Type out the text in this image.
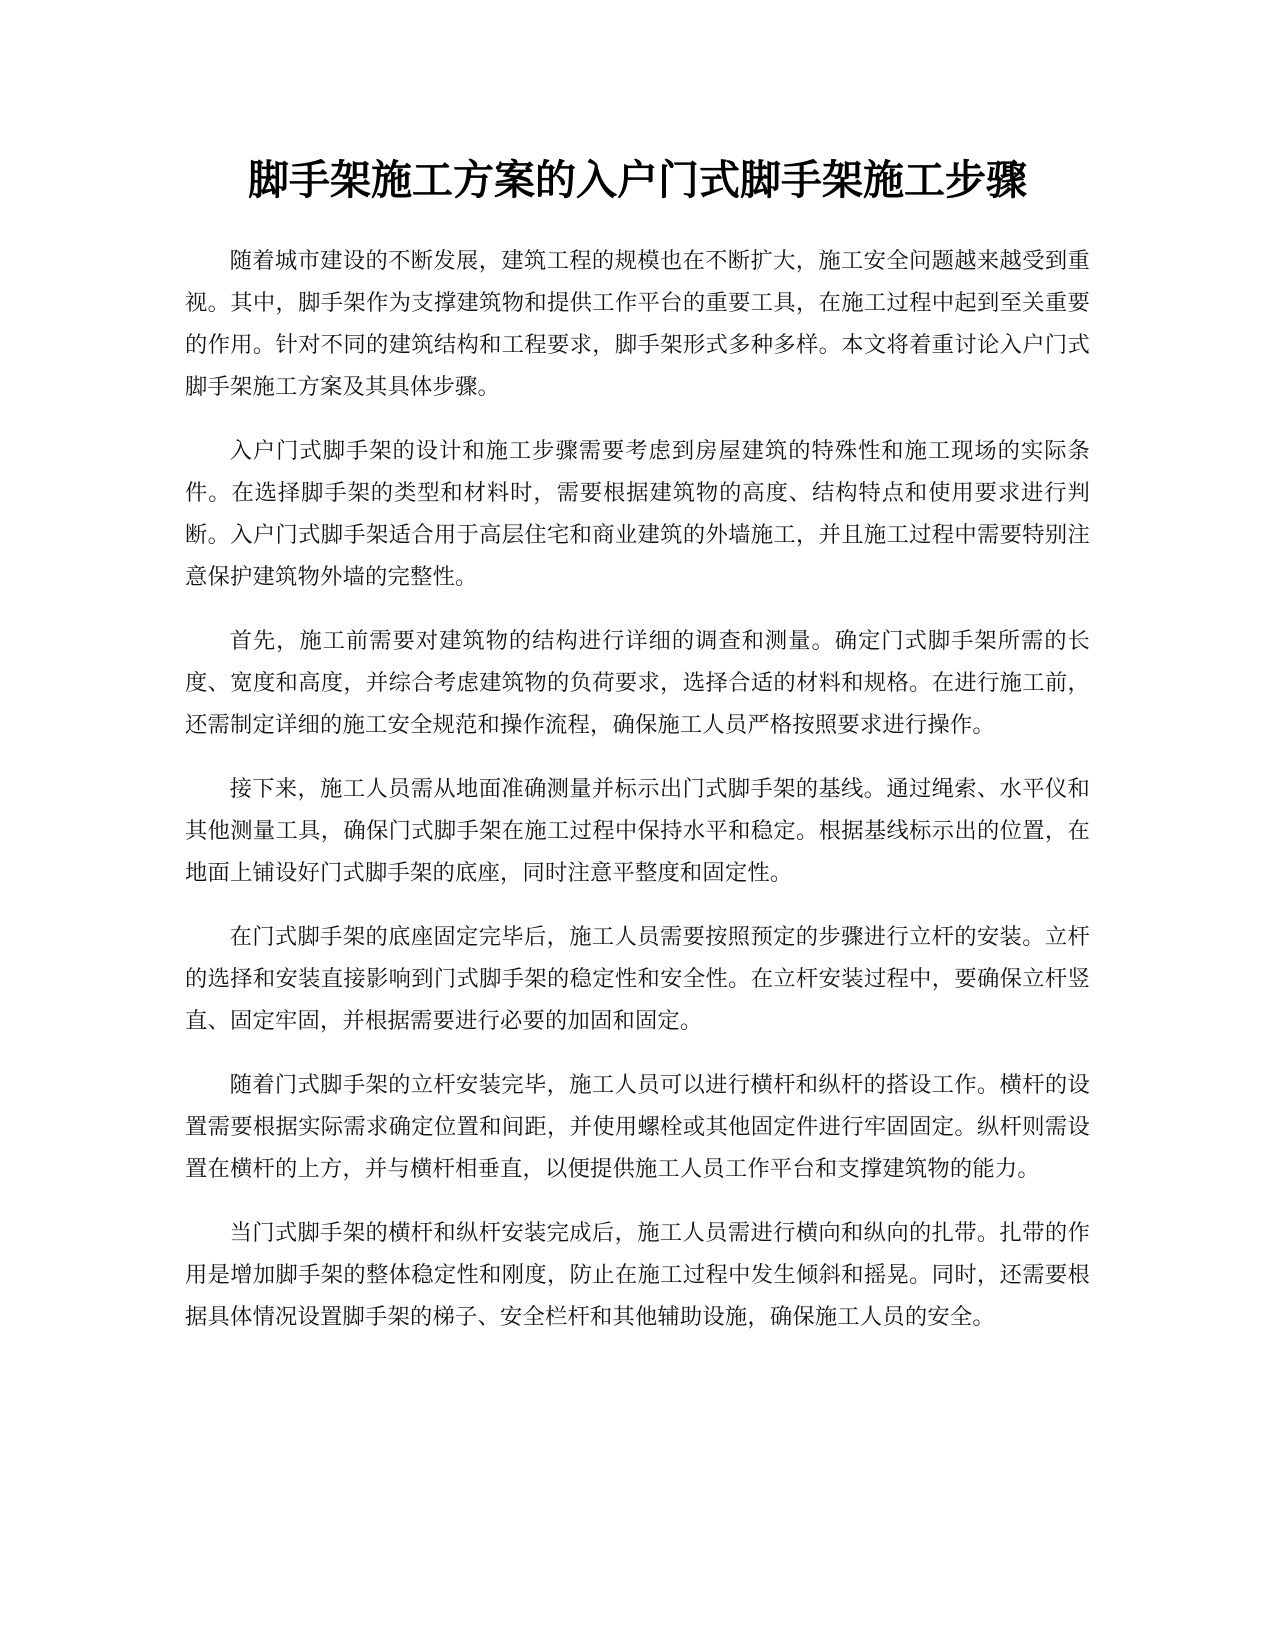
脚手架施工方案的入户门式脚手架施工步骤

随着城市建设的不断发展，建筑工程的规模也在不断扩大，施工安全问题越来越受到重视。其中，脚手架作为支撑建筑物和提供工作平台的重要工具，在施工过程中起到至关重要的作用。针对不同的建筑结构和工程要求，脚手架形式多种多样。本文将着重讨论入户门式脚手架施工方案及其具体步骤。

入户门式脚手架的设计和施工步骤需要考虑到房屋建筑的特殊性和施工现场的实际条件。在选择脚手架的类型和材料时，需要根据建筑物的高度、结构特点和使用要求进行判断。入户门式脚手架适合用于高层住宅和商业建筑的外墙施工，并且施工过程中需要特别注意保护建筑物外墙的完整性。

首先，施工前需要对建筑物的结构进行详细的调查和测量。确定门式脚手架所需的长度、宽度和高度，并综合考虑建筑物的负荷要求，选择合适的材料和规格。在进行施工前，还需制定详细的施工安全规范和操作流程，确保施工人员严格按照要求进行操作。

接下来，施工人员需从地面准确测量并标示出门式脚手架的基线。通过绳索、水平仪和其他测量工具，确保门式脚手架在施工过程中保持水平和稳定。根据基线标示出的位置，在地面上铺设好门式脚手架的底座，同时注意平整度和固定性。

在门式脚手架的底座固定完毕后，施工人员需要按照预定的步骤进行立杆的安装。立杆的选择和安装直接影响到门式脚手架的稳定性和安全性。在立杆安装过程中，要确保立杆竖直、固定牢固，并根据需要进行必要的加固和固定。

随着门式脚手架的立杆安装完毕，施工人员可以进行横杆和纵杆的搭设工作。横杆的设置需要根据实际需求确定位置和间距，并使用螺栓或其他固定件进行牢固固定。纵杆则需设置在横杆的上方，并与横杆相垂直，以便提供施工人员工作平台和支撑建筑物的能力。

当门式脚手架的横杆和纵杆安装完成后，施工人员需进行横向和纵向的扎带。扎带的作用是增加脚手架的整体稳定性和刚度，防止在施工过程中发生倾斜和摇晃。同时，还需要根据具体情况设置脚手架的梯子、安全栏杆和其他辅助设施，确保施工人员的安全。
